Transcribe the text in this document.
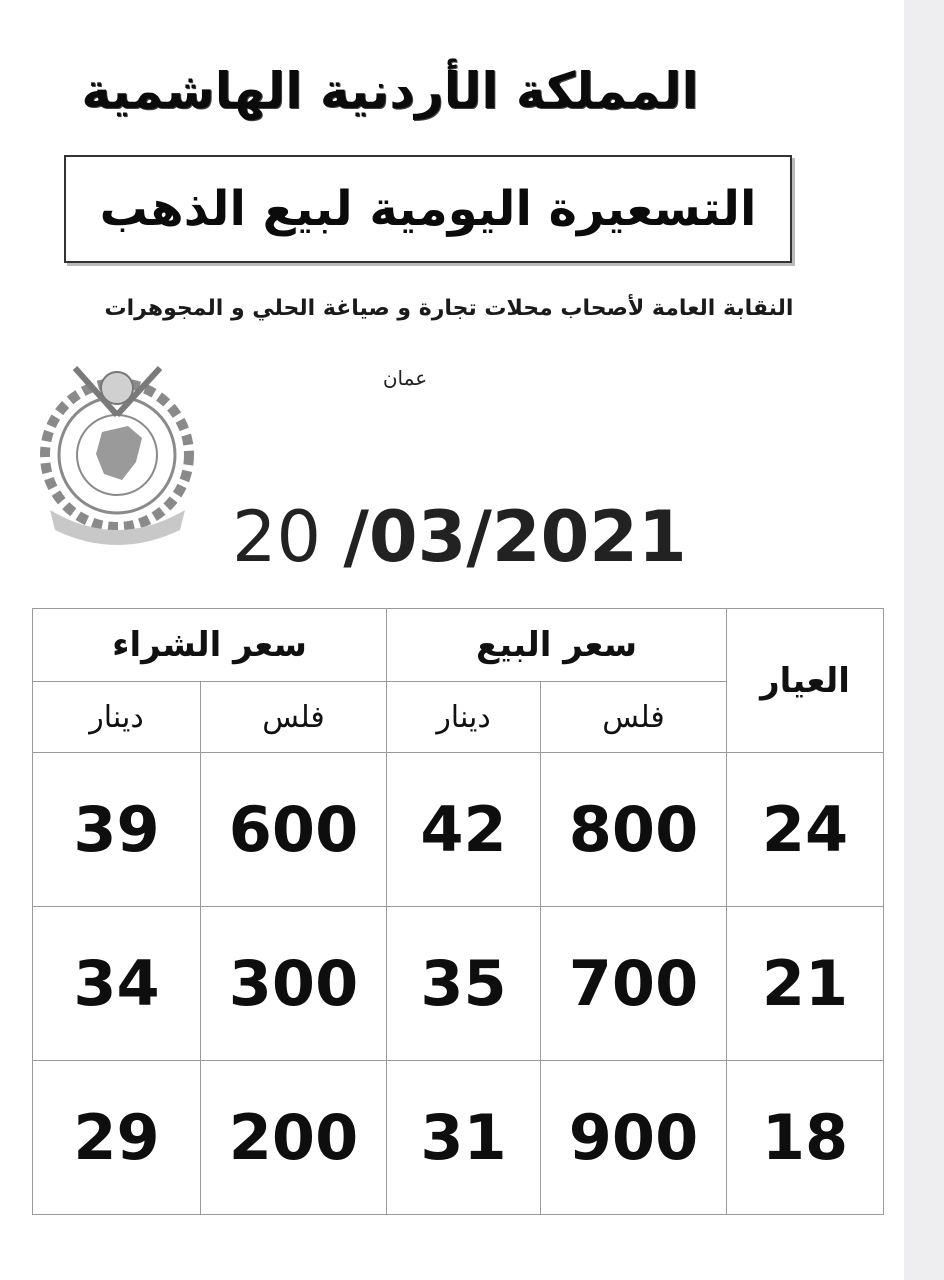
المملكة الأردنية الهاشمية
التسعيرة اليومية لبيع الذهب
النقابة العامة لأصحاب محلات تجارة و صياغة الحلي و المجوهرات
عمان
20 /03/2021
سعر الشراء		سعر البيع		العيار
دينار	فلس	دينار	فلس	
39	600	42	800	24
34	300	35	700	21
29	200	31	900	18
